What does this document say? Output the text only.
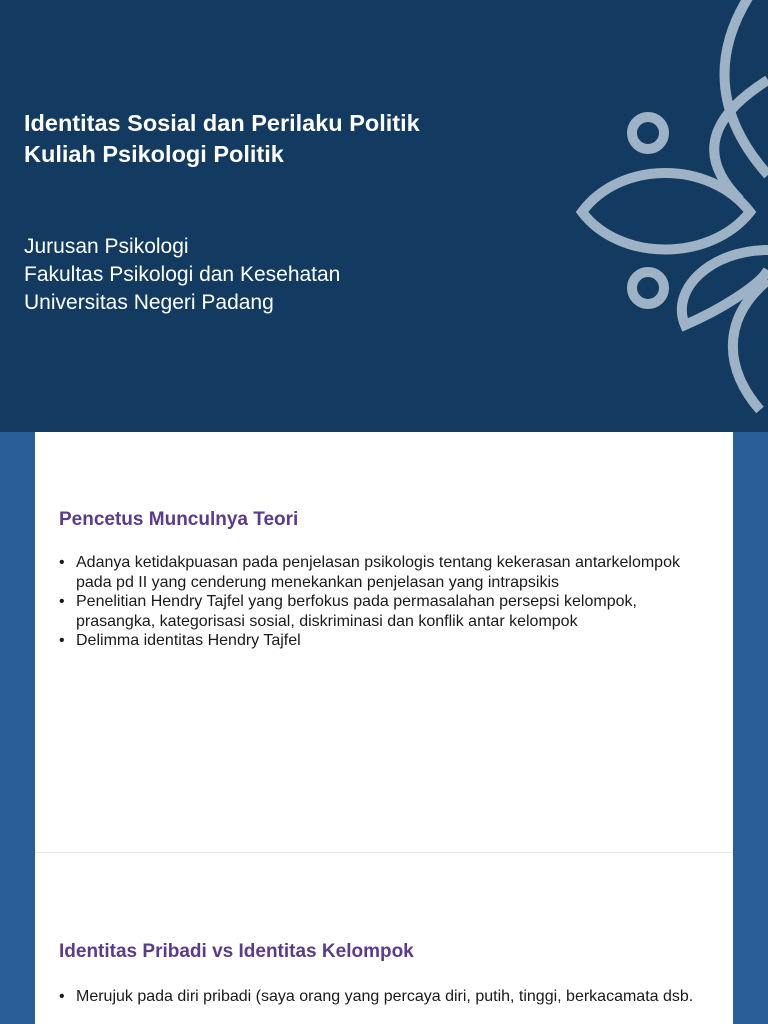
Identitas Sosial dan Perilaku Politik
Kuliah Psikologi Politik
Jurusan Psikologi
Fakultas Psikologi dan Kesehatan
Universitas Negeri Padang
Pencetus Munculnya Teori
• Adanya ketidakpuasan pada penjelasan psikologis tentang kekerasan antarkelompok pada pd II yang cenderung menekankan penjelasan yang intrapsikis
• Penelitian Hendry Tajfel yang berfokus pada permasalahan persepsi kelompok, prasangka, kategorisasi sosial, diskriminasi dan konflik antar kelompok
• Delimma identitas Hendry Tajfel
Identitas Pribadi vs Identitas Kelompok
• Merujuk pada diri pribadi (saya orang yang percaya diri, putih, tinggi, berkacamata dsb.
